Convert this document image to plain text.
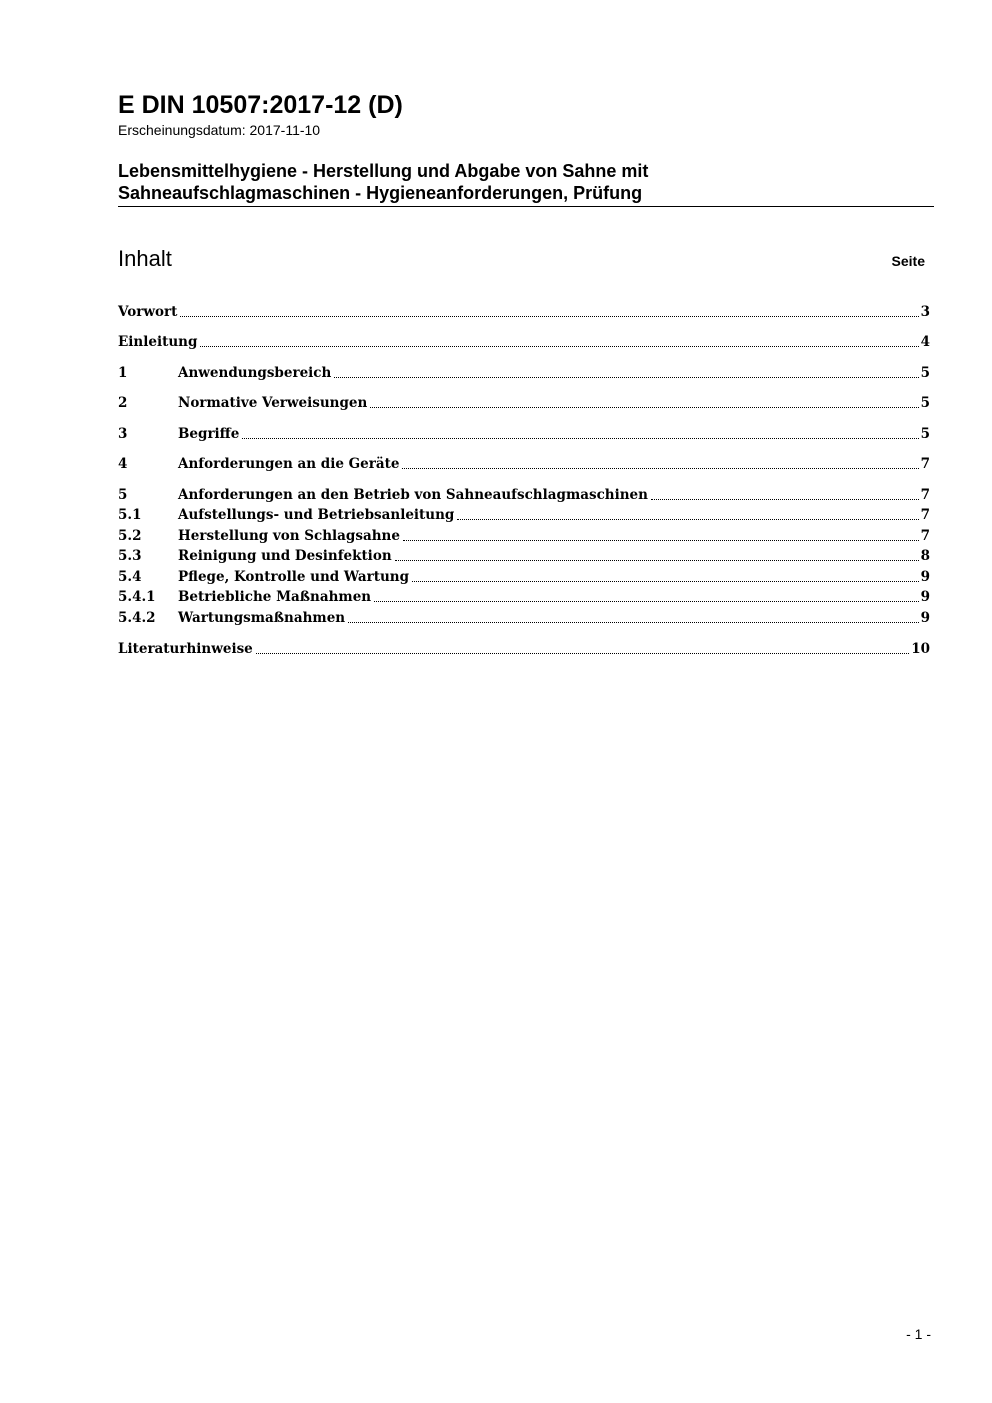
E DIN 10507:2017-12 (D)
Erscheinungsdatum: 2017-11-10
Lebensmittelhygiene - Herstellung und Abgabe von Sahne mit
Sahneaufschlagmaschinen - Hygieneanforderungen, Prüfung
Inhalt	Seite
Vorwort	3
Einleitung	4
1	Anwendungsbereich	5
2	Normative Verweisungen	5
3	Begriffe	5
4	Anforderungen an die Geräte	7
5	Anforderungen an den Betrieb von Sahneaufschlagmaschinen	7
5.1	Aufstellungs- und Betriebsanleitung	7
5.2	Herstellung von Schlagsahne	7
5.3	Reinigung und Desinfektion	8
5.4	Pflege, Kontrolle und Wartung	9
5.4.1	Betriebliche Maßnahmen	9
5.4.2	Wartungsmaßnahmen	9
Literaturhinweise	10
- 1 -
